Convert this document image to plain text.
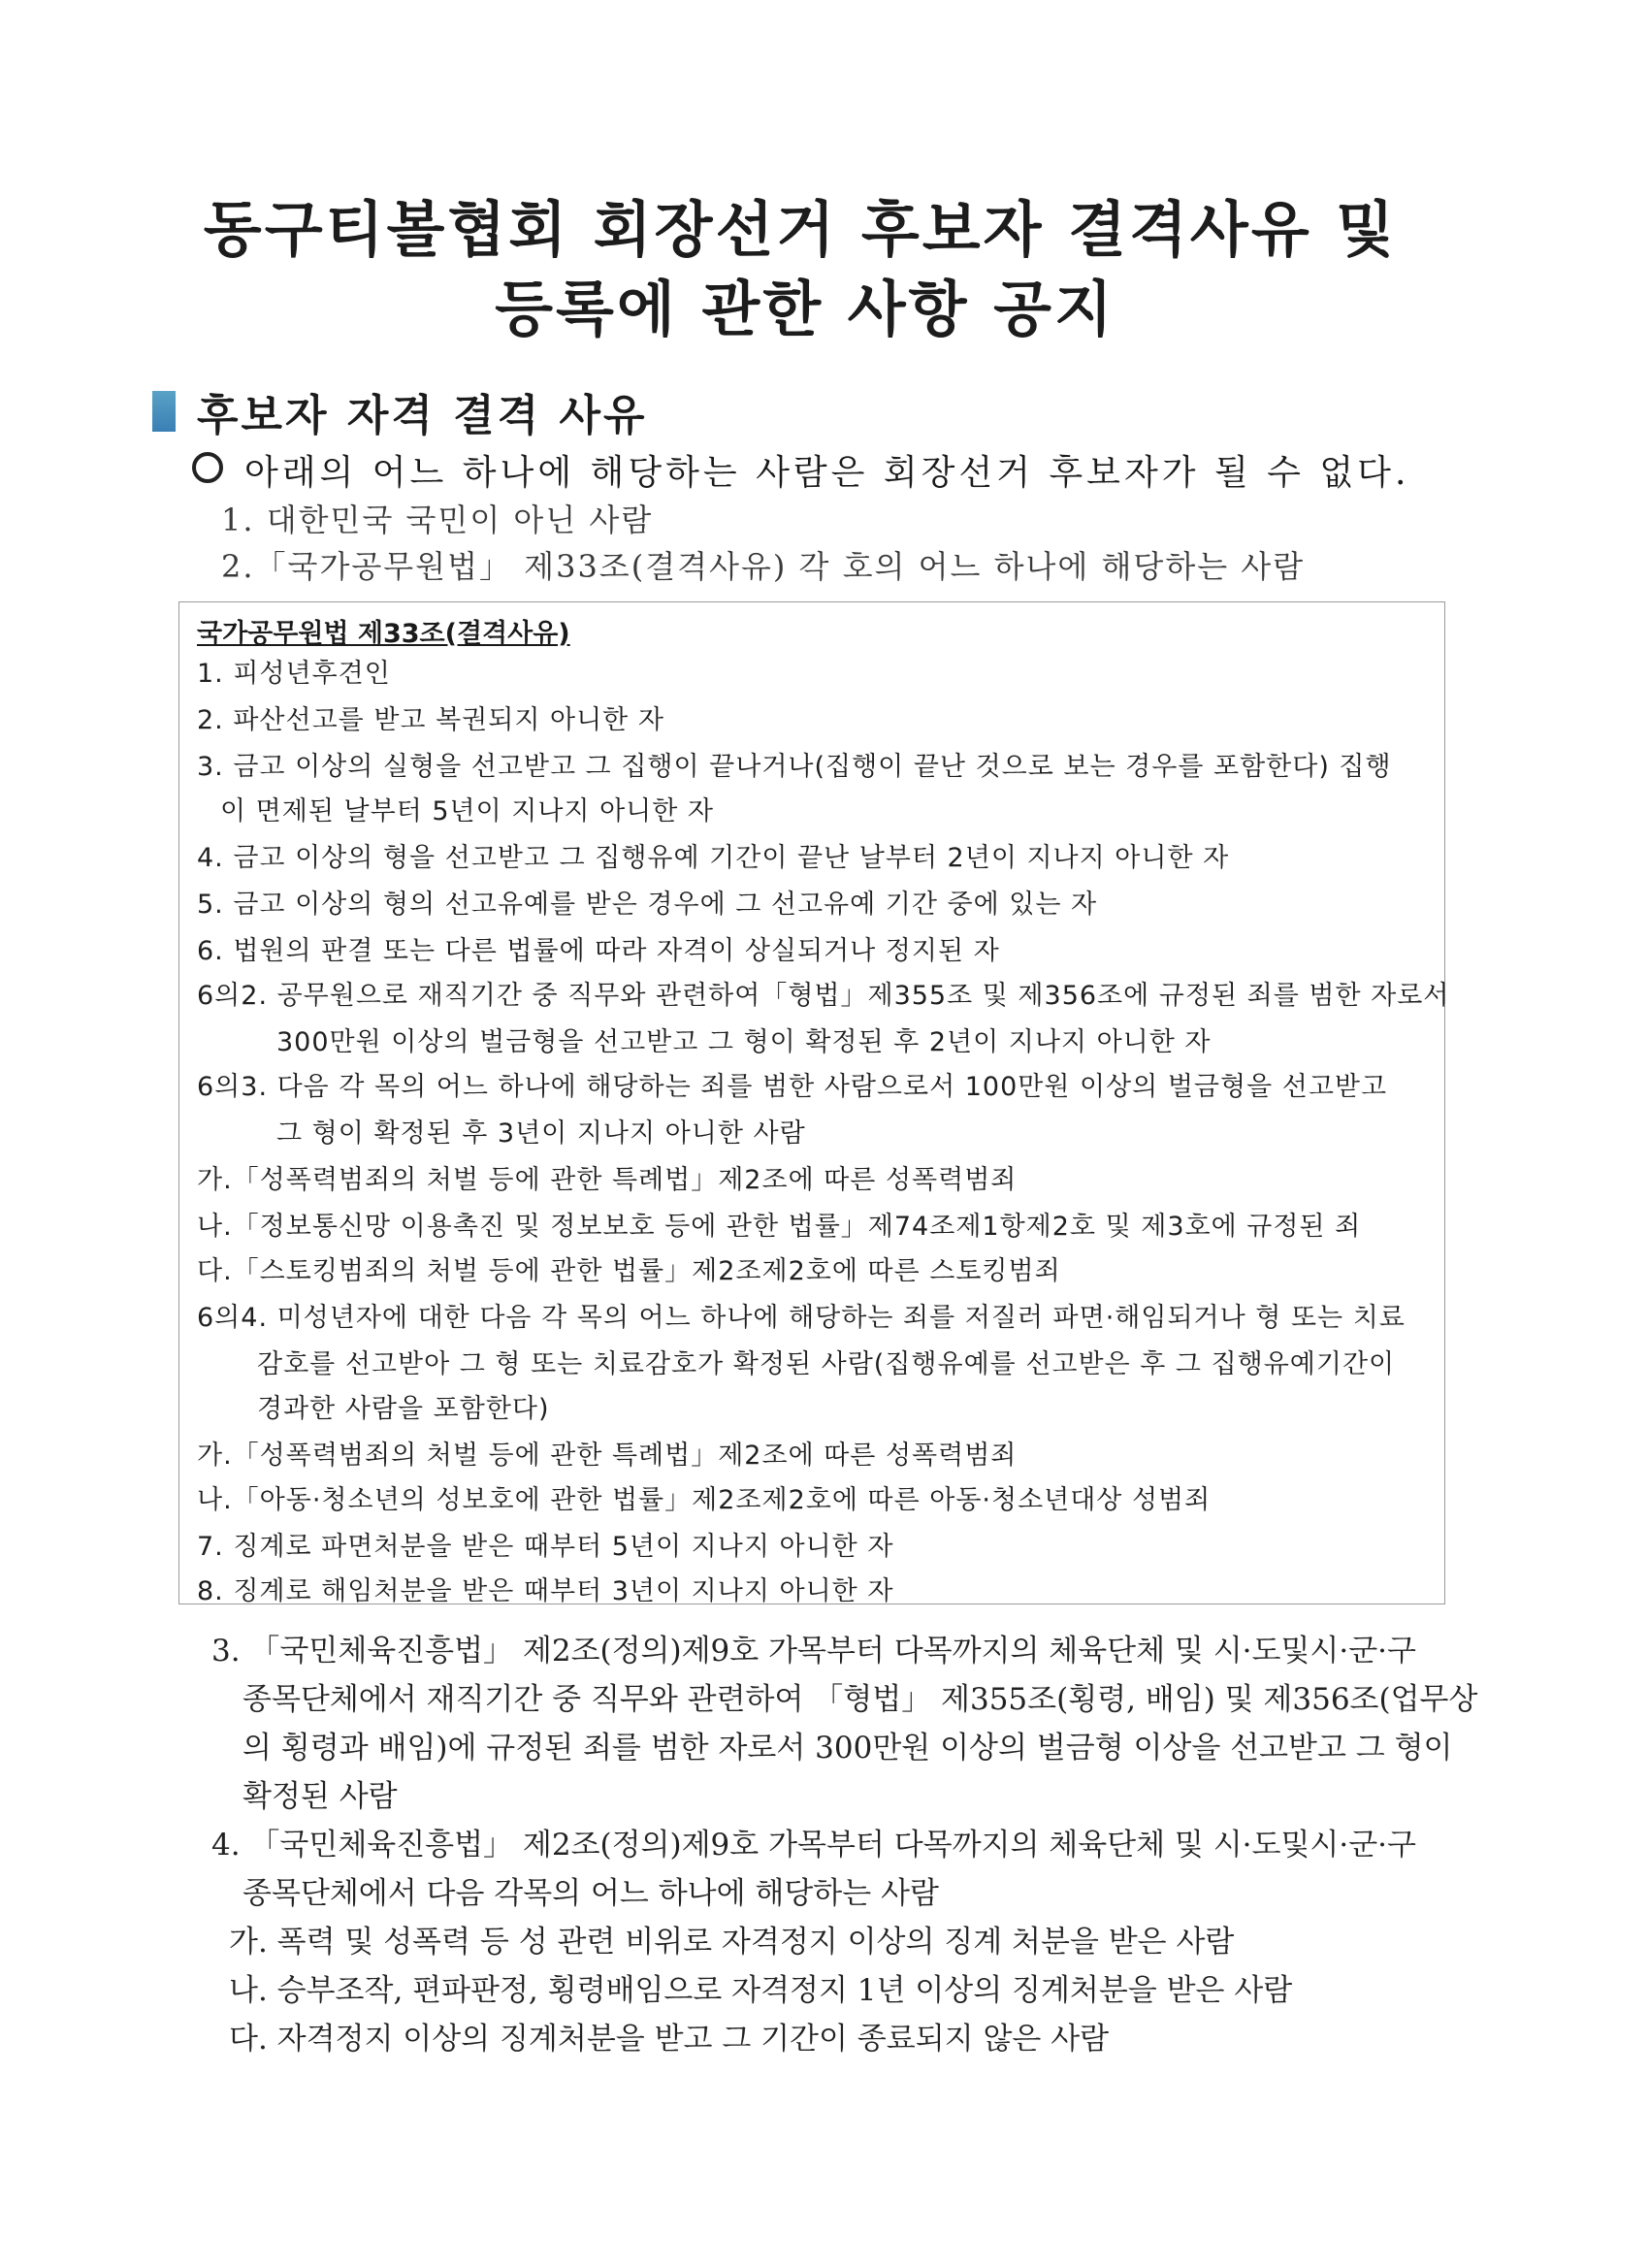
동구티볼협회 회장선거 후보자 결격사유 및
등록에 관한 사항 공지
후보자 자격 결격 사유
아래의 어느 하나에 해당하는 사람은 회장선거 후보자가 될 수 없다.
1. 대한민국 국민이 아닌 사람
2.「국가공무원법」 제33조(결격사유) 각 호의 어느 하나에 해당하는 사람
국가공무원법 제33조(결격사유)
1. 피성년후견인
2. 파산선고를 받고 복권되지 아니한 자
3. 금고 이상의 실형을 선고받고 그 집행이 끝나거나(집행이 끝난 것으로 보는 경우를 포함한다) 집행
이 면제된 날부터 5년이 지나지 아니한 자
4. 금고 이상의 형을 선고받고 그 집행유예 기간이 끝난 날부터 2년이 지나지 아니한 자
5. 금고 이상의 형의 선고유예를 받은 경우에 그 선고유예 기간 중에 있는 자
6. 법원의 판결 또는 다른 법률에 따라 자격이 상실되거나 정지된 자
6의2. 공무원으로 재직기간 중 직무와 관련하여「형법」제355조 및 제356조에 규정된 죄를 범한 자로서
300만원 이상의 벌금형을 선고받고 그 형이 확정된 후 2년이 지나지 아니한 자
6의3. 다음 각 목의 어느 하나에 해당하는 죄를 범한 사람으로서 100만원 이상의 벌금형을 선고받고
그 형이 확정된 후 3년이 지나지 아니한 사람
가.「성폭력범죄의 처벌 등에 관한 특례법」제2조에 따른 성폭력범죄
나.「정보통신망 이용촉진 및 정보보호 등에 관한 법률」제74조제1항제2호 및 제3호에 규정된 죄
다.「스토킹범죄의 처벌 등에 관한 법률」제2조제2호에 따른 스토킹범죄
6의4. 미성년자에 대한 다음 각 목의 어느 하나에 해당하는 죄를 저질러 파면·해임되거나 형 또는 치료
감호를 선고받아 그 형 또는 치료감호가 확정된 사람(집행유예를 선고받은 후 그 집행유예기간이
경과한 사람을 포함한다)
가.「성폭력범죄의 처벌 등에 관한 특례법」제2조에 따른 성폭력범죄
나.「아동·청소년의 성보호에 관한 법률」제2조제2호에 따른 아동·청소년대상 성범죄
7. 징계로 파면처분을 받은 때부터 5년이 지나지 아니한 자
8. 징계로 해임처분을 받은 때부터 3년이 지나지 아니한 자
3. 「국민체육진흥법」 제2조(정의)제9호 가목부터 다목까지의 체육단체 및 시·도및시·군·구
종목단체에서 재직기간 중 직무와 관련하여 「형법」 제355조(횡령, 배임) 및 제356조(업무상
의 횡령과 배임)에 규정된 죄를 범한 자로서 300만원 이상의 벌금형 이상을 선고받고 그 형이
확정된 사람
4. 「국민체육진흥법」 제2조(정의)제9호 가목부터 다목까지의 체육단체 및 시·도및시·군·구
종목단체에서 다음 각목의 어느 하나에 해당하는 사람
가. 폭력 및 성폭력 등 성 관련 비위로 자격정지 이상의 징계 처분을 받은 사람
나. 승부조작, 편파판정, 횡령배임으로 자격정지 1년 이상의 징계처분을 받은 사람
다. 자격정지 이상의 징계처분을 받고 그 기간이 종료되지 않은 사람
